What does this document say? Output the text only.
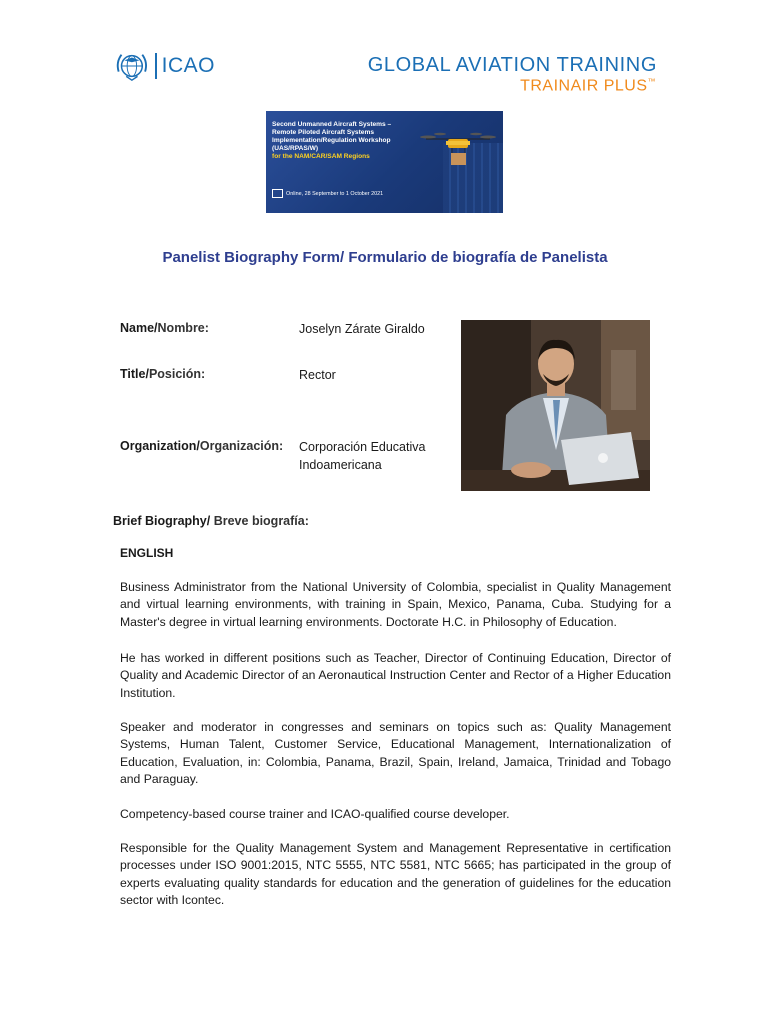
ICAO	GLOBAL AVIATION TRAINING
TRAINAIR PLUS™
Second Unmanned Aircraft Systems –
Remote Piloted Aircraft Systems
Implementation/Regulation Workshop
(UAS/RPAS/W)
for the NAM/CAR/SAM Regions
Online, 28 September to 1 October 2021
Panelist Biography Form/ Formulario de biografía de Panelista
Name/Nombre:	Joselyn Zárate Giraldo
Title/Posición:	Rector
Organization/Organización: Corporación Educativa
Indoamericana
Brief Biography/ Breve biografía:
ENGLISH
Business Administrator from the National University of Colombia, specialist in Quality Management and virtual learning environments, with training in Spain, Mexico, Panama, Cuba. Studying for a Master's degree in virtual learning environments. Doctorate H.C. in Philosophy of Education.
He has worked in different positions such as Teacher, Director of Continuing Education, Director of Quality and Academic Director of an Aeronautical Instruction Center and Rector of a Higher Education Institution.
Speaker and moderator in congresses and seminars on topics such as: Quality Management Systems, Human Talent, Customer Service, Educational Management, Internationalization of Education, Evaluation, in: Colombia, Panama, Brazil, Spain, Ireland, Jamaica, Trinidad and Tobago and Paraguay.
Competency-based course trainer and ICAO-qualified course developer.
Responsible for the Quality Management System and Management Representative in certification processes under ISO 9001:2015, NTC 5555, NTC 5581, NTC 5665; has participated in the group of experts evaluating quality standards for education and the generation of guidelines for the education sector with Icontec.
